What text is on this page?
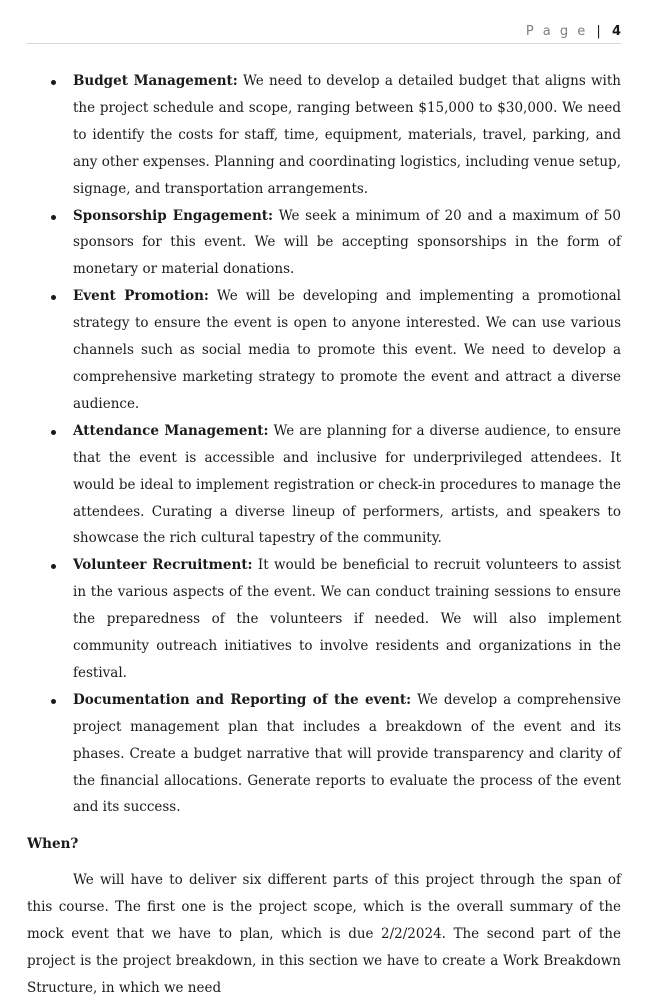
P a g e | 4
Budget Management: We need to develop a detailed budget that aligns with the project schedule and scope, ranging between $15,000 to $30,000. We need to identify the costs for staff, time, equipment, materials, travel, parking, and any other expenses. Planning and coordinating logistics, including venue setup, signage, and transportation arrangements.
Sponsorship Engagement: We seek a minimum of 20 and a maximum of 50 sponsors for this event. We will be accepting sponsorships in the form of monetary or material donations.
Event Promotion: We will be developing and implementing a promotional strategy to ensure the event is open to anyone interested. We can use various channels such as social media to promote this event. We need to develop a comprehensive marketing strategy to promote the event and attract a diverse audience.
Attendance Management: We are planning for a diverse audience, to ensure that the event is accessible and inclusive for underprivileged attendees. It would be ideal to implement registration or check-in procedures to manage the attendees. Curating a diverse lineup of performers, artists, and speakers to showcase the rich cultural tapestry of the community.
Volunteer Recruitment: It would be beneficial to recruit volunteers to assist in the various aspects of the event. We can conduct training sessions to ensure the preparedness of the volunteers if needed. We will also implement community outreach initiatives to involve residents and organizations in the festival.
Documentation and Reporting of the event: We develop a comprehensive project management plan that includes a breakdown of the event and its phases. Create a budget narrative that will provide transparency and clarity of the financial allocations. Generate reports to evaluate the process of the event and its success.
When?

We will have to deliver six different parts of this project through the span of this course. The first one is the project scope, which is the overall summary of the mock event that we have to plan, which is due 2/2/2024. The second part of the project is the project breakdown, in this section we have to create a Work Breakdown Structure, in which we need
